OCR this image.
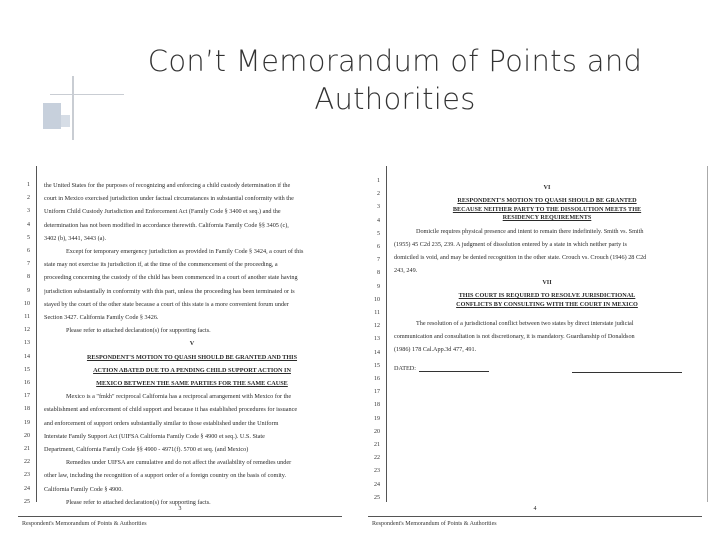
Con’t Memorandum of Points and
Authorities
3
Respondent's Memorandum of Points & Authorities
1
2
3
4
5
6
7
8
9
10
11
12
13
14
15
16
17
18
19
20
21
22
23
24
25
the United States for the purposes of recognizing and enforcing a child custody determination if the
court in Mexico exercised jurisdiction under factual circumstances in substantial conformity with the
Uniform Child Custody Jurisdiction and Enforcement Act (Family Code § 3400 et seq.) and the
determination has not been modified in accordance therewith. California Family Code §§ 3405 (c),
3402 (b), 3441, 3443 (a).
Except for temporary emergency jurisdiction as provided in Family Code § 3424, a court of this
state may not exercise its jurisdiction if, at the time of the commencement of the proceeding, a
proceeding concerning the custody of the child has been commenced in a court of another state having
jurisdiction substantially in conformity with this part, unless the proceeding has been terminated or is
stayed by the court of the other state because a court of this state is a more convenient forum under
Section 3427. California Family Code § 3426.
Please refer to attached declaration(s) for supporting facts.
V
RESPONDENT'S MOTION TO QUASH SHOULD BE GRANTED AND THIS
ACTION ABATED DUE TO A PENDING CHILD SUPPORT ACTION IN
MEXICO BETWEEN THE SAME PARTIES FOR THE SAME CAUSE
Mexico is a "fmkh" reciprocal California has a reciprocal arrangement with Mexico for the
establishment and enforcement of child support and because it has established procedures for issuance
and enforcement of support orders substantially similar to those established under the Uniform
Interstate Family Support Act (UIFSA California Family Code § 4900 et seq.). U.S. State
Department, California Family Code §§ 4900 - 4971(f). 5700 et seq. (and Mexico)
Remedies under UIFSA are cumulative and do not affect the availability of remedies under
other law, including the recognition of a support order of a foreign country on the basis of comity.
California Family Code § 4900.
Please refer to attached declaration(s) for supporting facts.
4
Respondent's Memorandum of Points & Authorities
1
2
3
4
5
6
7
8
9
10
11
12
13
14
15
16
17
18
19
20
21
22
23
24
25
VI
RESPONDENT'S MOTION TO QUASH SHOULD BE GRANTED
BECAUSE NEITHER PARTY TO THE DISSOLUTION MEETS THE
RESIDENCY REQUIREMENTS
Domicile requires physical presence and intent to remain there indefinitely. Smith vs. Smith
(1955) 45 C2d 235, 239. A judgment of dissolution entered by a state in which neither party is
domiciled is void, and may be denied recognition in the other state. Crouch vs. Crouch (1946) 28 C2d
243, 249.
VII
THIS COURT IS REQUIRED TO RESOLVE JURISDICTIONAL
CONFLICTS BY CONSULTING WITH THE COURT IN MEXICO
The resolution of a jurisdictional conflict between two states by direct interstate judicial
communication and consultation is not discretionary, it is mandatory. Guardianship of Donaldson
(1986) 178 Cal.App.3d 477, 491.
DATED:
